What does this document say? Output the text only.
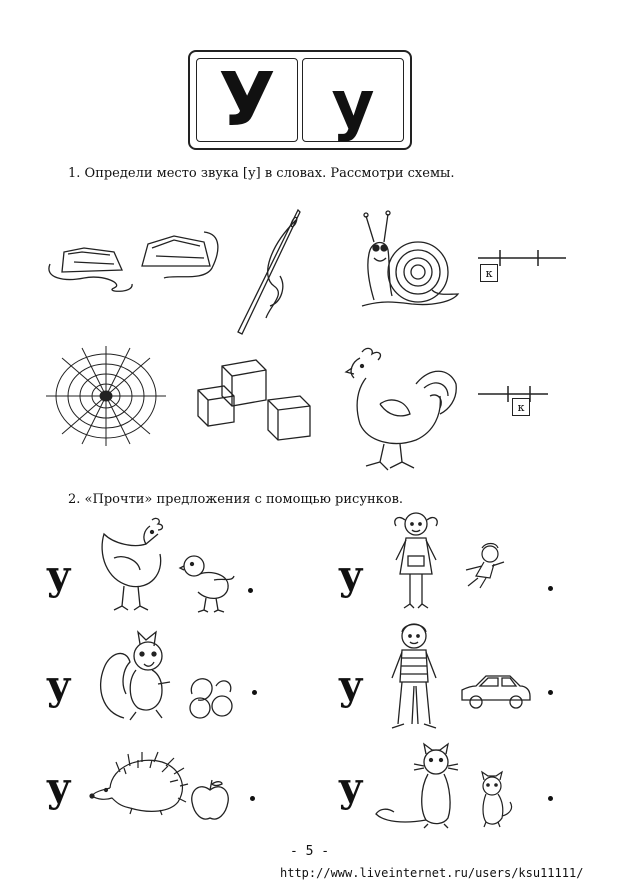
У у
1. Определи место звука [у] в словах. Рассмотри схемы.
к
к
2. «Прочти» предложения с помощью рисунков.
у
у
у
у
у
у
- 5 -
http://www.liveinternet.ru/users/ksu11111/
